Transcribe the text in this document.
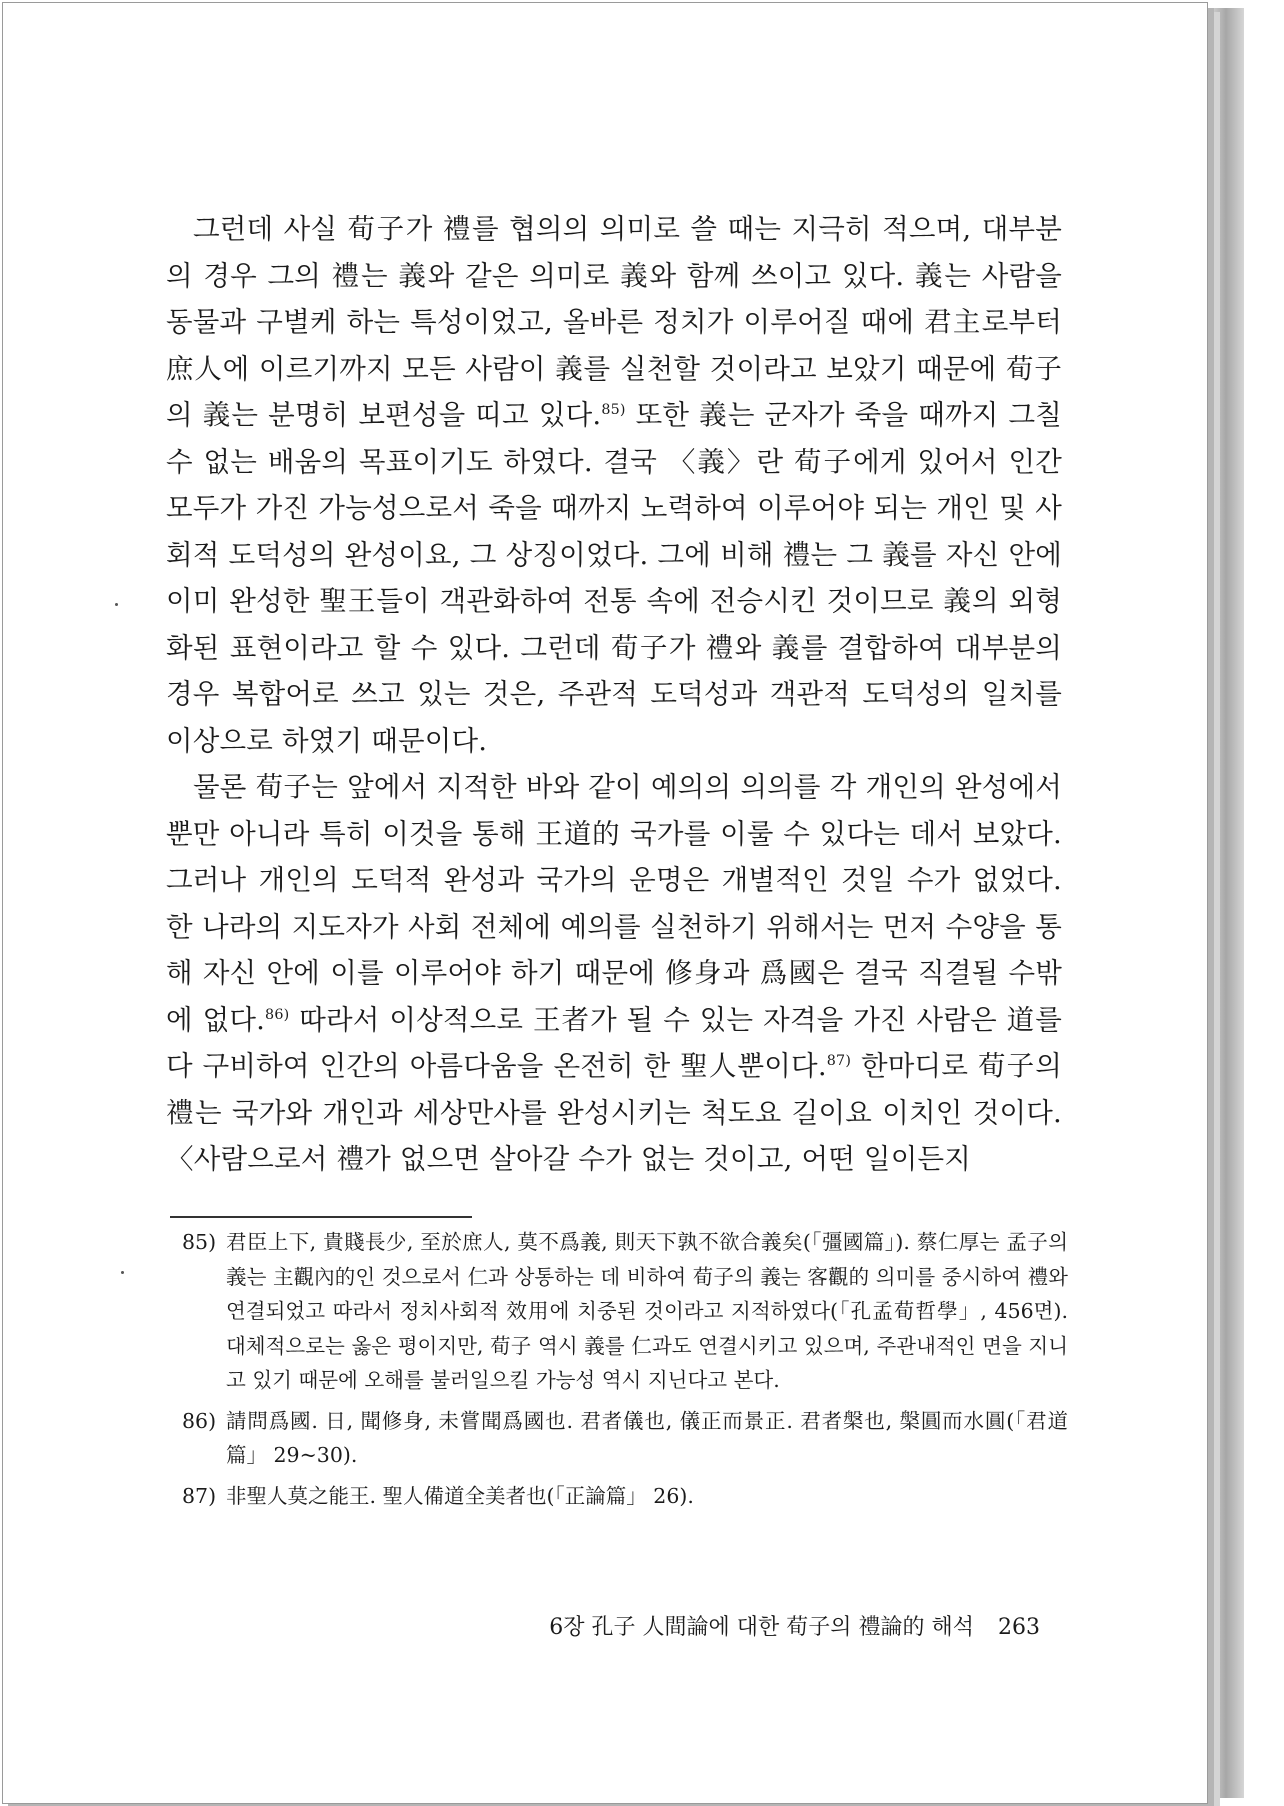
그런데 사실 荀子가 禮를 협의의 의미로 쓸 때는 지극히 적으며, 대부분의 경우 그의 禮는 義와 같은 의미로 義와 함께 쓰이고 있다. 義는 사람을 동물과 구별케 하는 특성이었고, 올바른 정치가 이루어질 때에 君主로부터 庶人에 이르기까지 모든 사람이 義를 실천할 것이라고 보았기 때문에 荀子의 義는 분명히 보편성을 띠고 있다.$^{85)}$ 또한 義는 군자가 죽을 때까지 그칠 수 없는 배움의 목표이기도 하였다. 결국 〈義〉란 荀子에게 있어서 인간 모두가 가진 가능성으로서 죽을 때까지 노력하여 이루어야 되는 개인 및 사회적 도덕성의 완성이요, 그 상징이었다. 그에 비해 禮는 그 義를 자신 안에 이미 완성한 聖王들이 객관화하여 전통 속에 전승시킨 것이므로 義의 외형화된 표현이라고 할 수 있다. 그런데 荀子가 禮와 義를 결합하여 대부분의 경우 복합어로 쓰고 있는 것은, 주관적 도덕성과 객관적 도덕성의 일치를 이상으로 하였기 때문이다.

물론 荀子는 앞에서 지적한 바와 같이 예의의 의의를 각 개인의 완성에서뿐만 아니라 특히 이것을 통해 王道的 국가를 이룰 수 있다는 데서 보았다. 그러나 개인의 도덕적 완성과 국가의 운명은 개별적인 것일 수가 없었다. 한 나라의 지도자가 사회 전체에 예의를 실천하기 위해서는 먼저 수양을 통해 자신 안에 이를 이루어야 하기 때문에 修身과 爲國은 결국 직결될 수밖에 없다.$^{86)}$ 따라서 이상적으로 王者가 될 수 있는 자격을 가진 사람은 道를 다 구비하여 인간의 아름다움을 온전히 한 聖人뿐이다.$^{87)}$ 한마디로 荀子의 禮는 국가와 개인과 세상만사를 완성시키는 척도요 길이요 이치인 것이다. 〈사람으로서 禮가 없으면 살아갈 수가 없는 것이고, 어떤 일이든지

85) 君臣上下, 貴賤長少, 至於庶人, 莫不爲義, 則天下孰不欲合義矣(「彊國篇」). 蔡仁厚는 孟子의 義는 主觀內的인 것으로서 仁과 상통하는 데 비하여 荀子의 義는 客觀的 의미를 중시하여 禮와 연결되었고 따라서 정치사회적 效用에 치중된 것이라고 지적하였다(「孔孟荀哲學」, 456면). 대체적으로는 옳은 평이지만, 荀子 역시 義를 仁과도 연결시키고 있으며, 주관내적인 면을 지니고 있기 때문에 오해를 불러일으킬 가능성 역시 지닌다고 본다.
86) 請問爲國. 日, 聞修身, 未嘗聞爲國也. 君者儀也, 儀正而景正. 君者槃也, 槃圓而水圓(「君道篇」 29~30).
87) 非聖人莫之能王. 聖人備道全美者也(「正論篇」 26).
6장 孔子 人間論에 대한 荀子의 禮論的 해석 263
